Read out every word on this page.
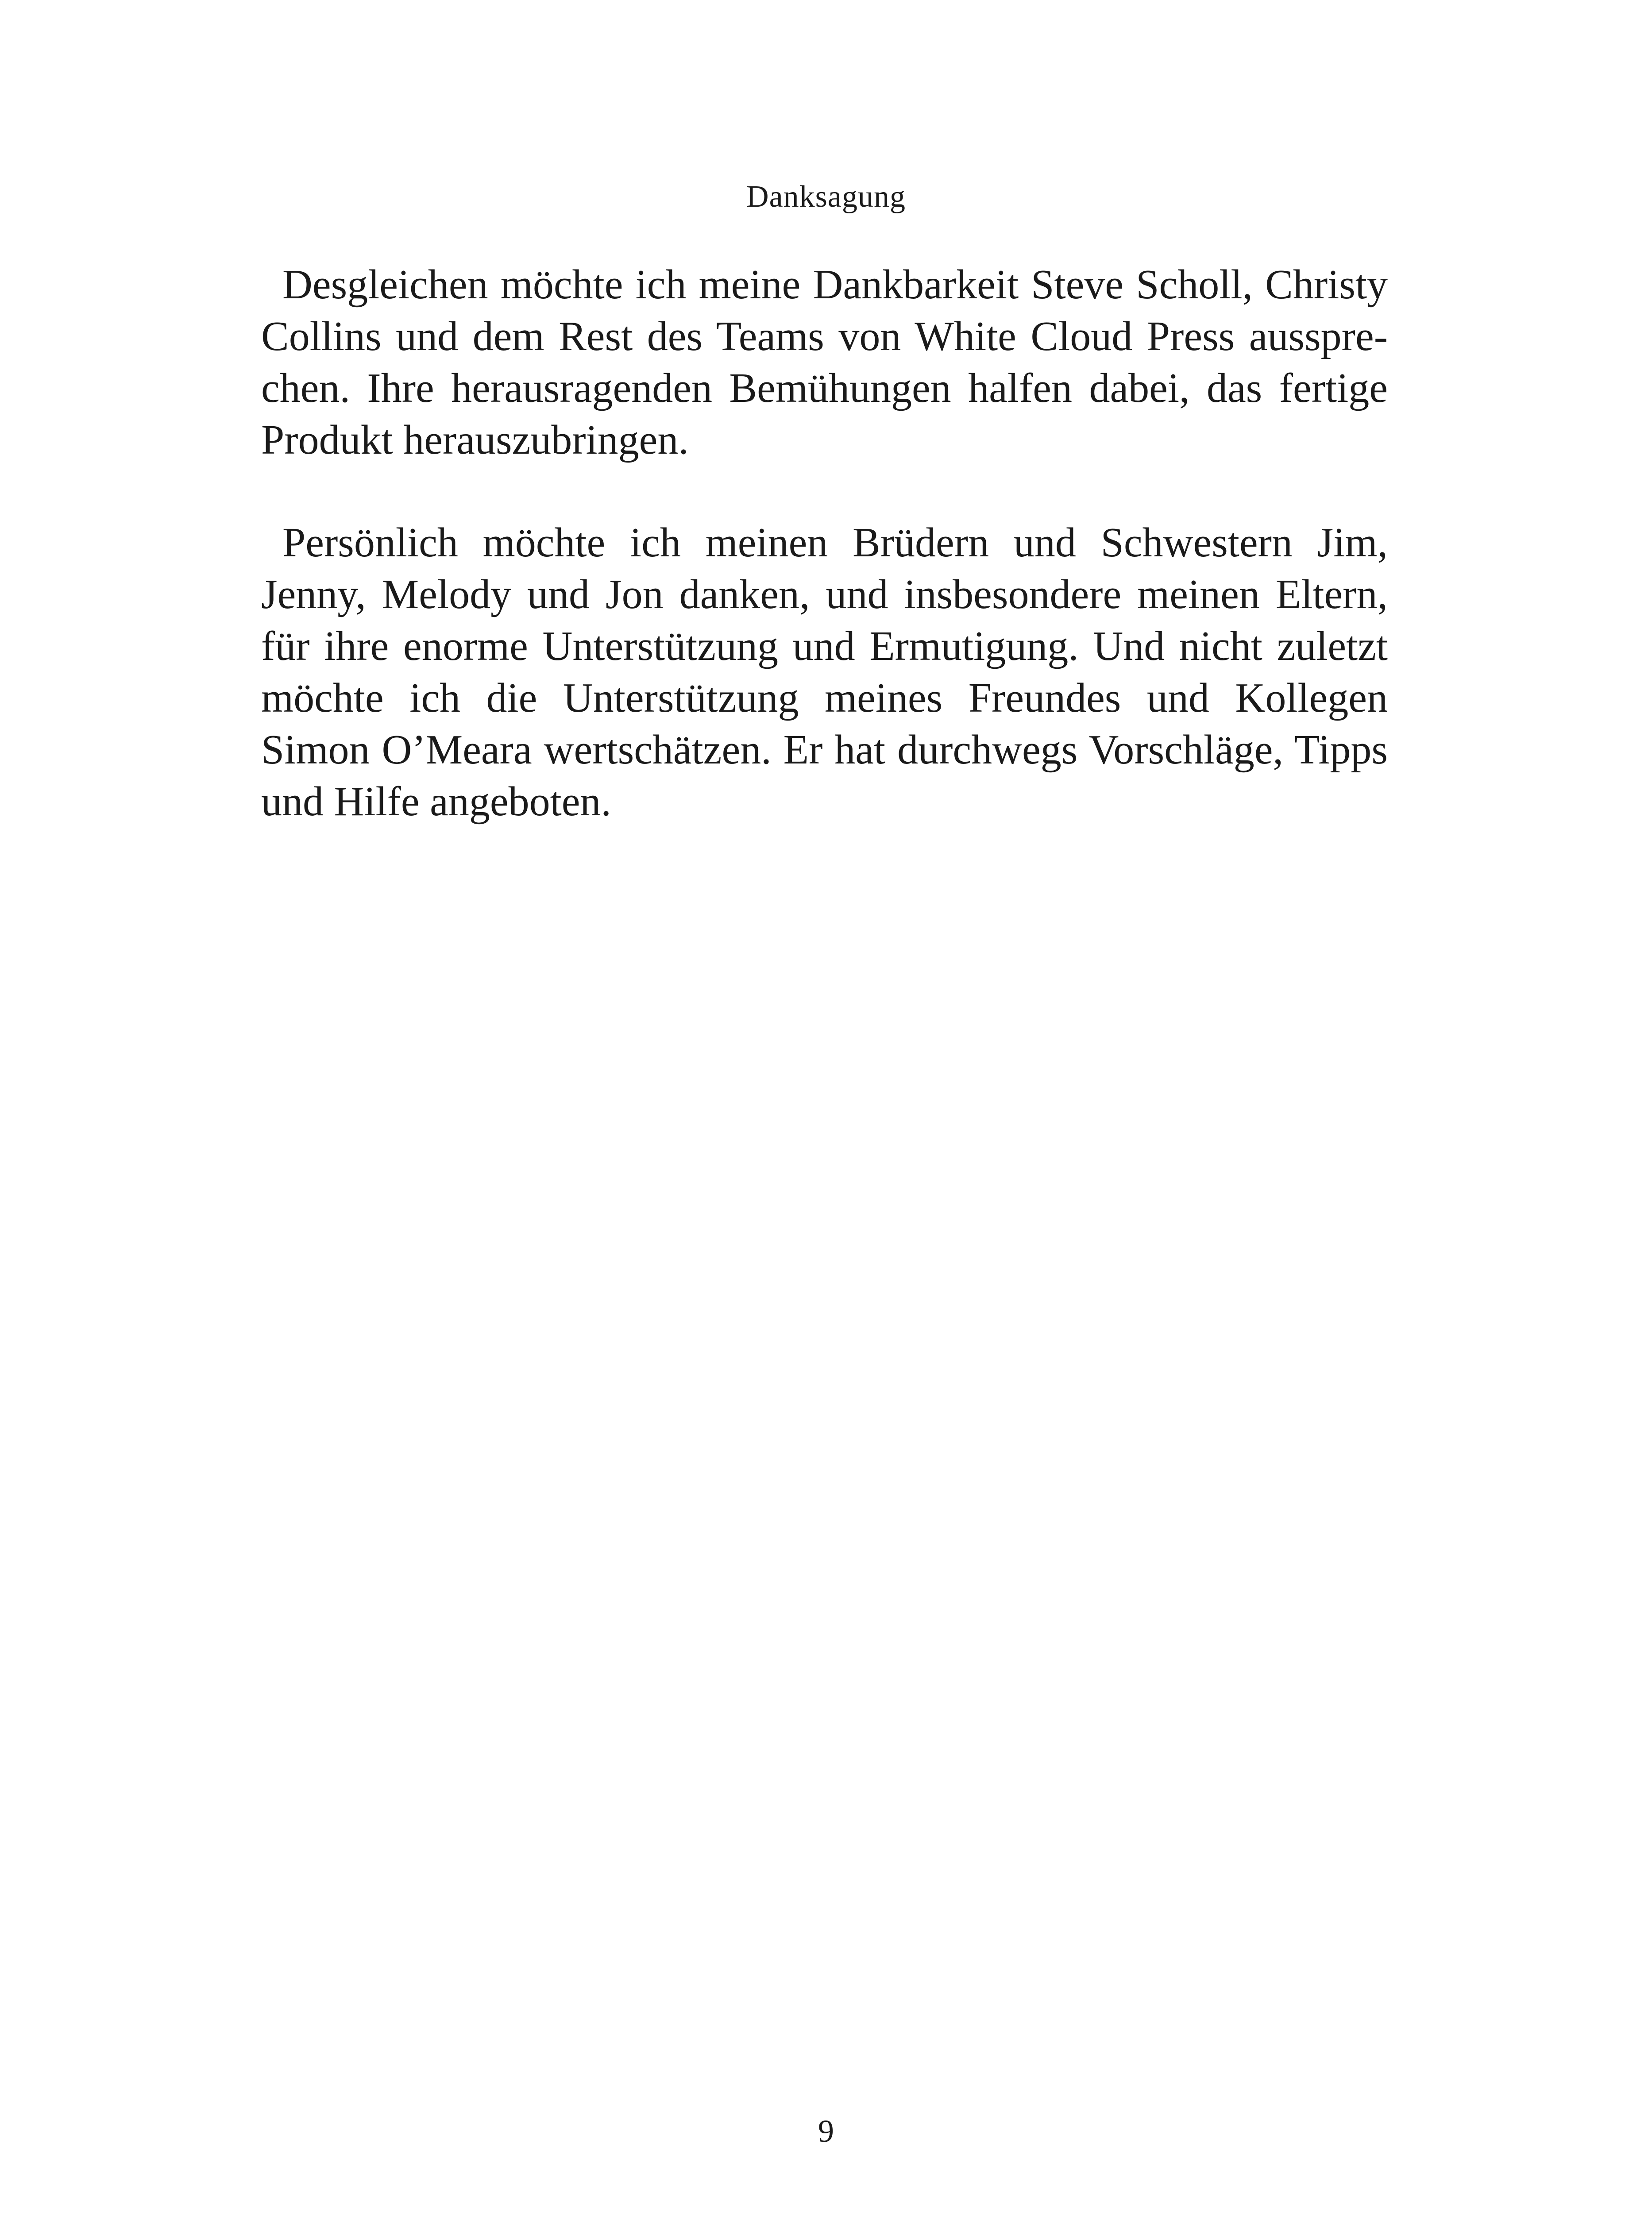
Danksagung

Desgleichen möchte ich meine Dankbarkeit Steve Scholl, Christy
Collins und dem Rest des Teams von White Cloud Press ausspre-
chen. Ihre herausragenden Bemühungen halfen dabei, das fertige
Produkt herauszubringen.

Persönlich möchte ich meinen Brüdern und Schwestern Jim,
Jenny, Melody und Jon danken, und insbesondere meinen Eltern,
für ihre enorme Unterstützung und Ermutigung. Und nicht zuletzt
möchte ich die Unterstützung meines Freundes und Kollegen
Simon O’Meara wertschätzen. Er hat durchwegs Vorschläge, Tipps
und Hilfe angeboten.

9
